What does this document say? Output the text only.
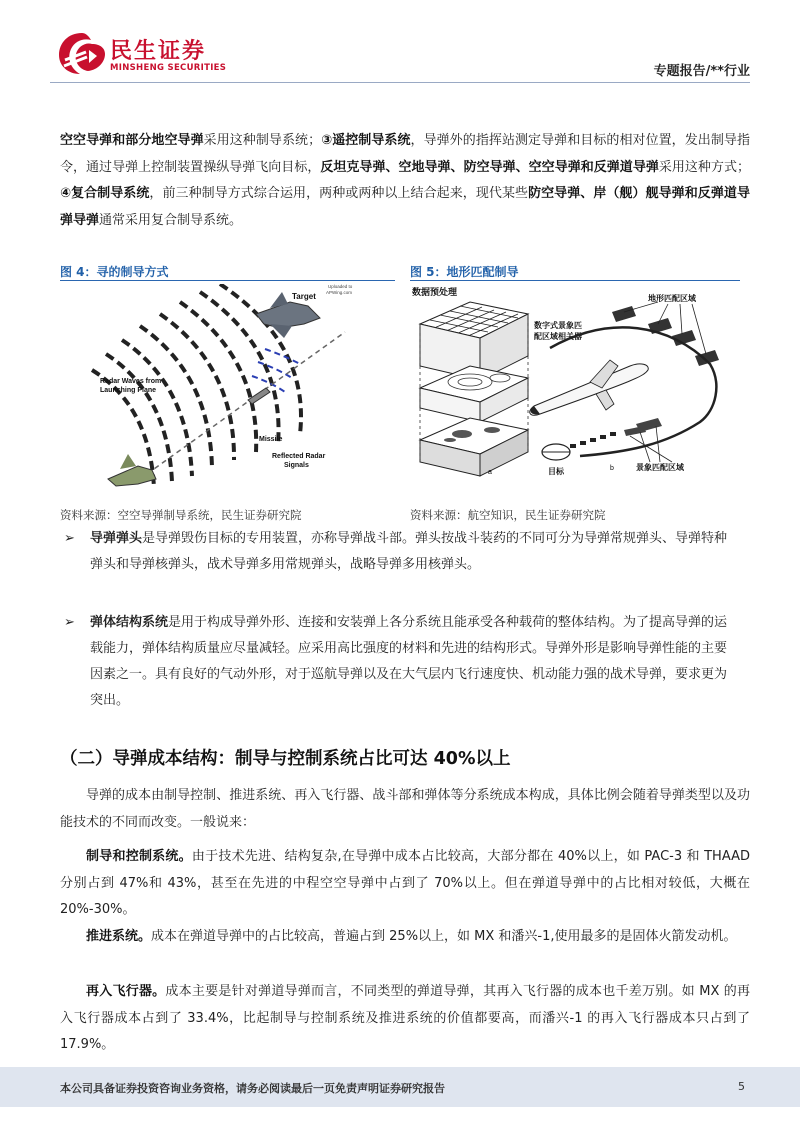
民生证券
MINSHENG SECURITIES	专题报告/**行业
空空导弹和部分地空导弹采用这种制导系统；③遥控制导系统，导弹外的指挥站测定导弹和目标的相对位置，发出制导指令，通过导弹上控制装置操纵导弹飞向目标，反坦克导弹、空地导弹、防空导弹、空空导弹和反弹道导弹采用这种方式；④复合制导系统，前三种制导方式综合运用，两种或两种以上结合起来，现代某些防空导弹、岸（舰）舰导弹和反弹道导弹导弹通常采用复合制导系统。
图 4：寻的制导方式
Target
Uploaded to
APWing.com
Radar Waves from
Launching Plane
Missile
Reflected Radar
Signals
资料来源：空空导弹制导系统，民生证券研究院
图 5：地形匹配制导
数据预处理
a
数字式景象匹
配区域相关器
地形匹配区域
目标	b	景象匹配区域
资料来源：航空知识，民生证券研究院
➢ 导弹弹头是导弹毁伤目标的专用装置，亦称导弹战斗部。弹头按战斗装药的不同可分为导弹常规弹头、导弹特种弹头和导弹核弹头，战术导弹多用常规弹头，战略导弹多用核弹头。
➢ 弹体结构系统是用于构成导弹外形、连接和安装弹上各分系统且能承受各种载荷的整体结构。为了提高导弹的运载能力，弹体结构质量应尽量减轻。应采用高比强度的材料和先进的结构形式。导弹外形是影响导弹性能的主要因素之一。具有良好的气动外形，对于巡航导弹以及在大气层内飞行速度快、机动能力强的战术导弹，要求更为突出。
（二）导弹成本结构：制导与控制系统占比可达 40%以上
导弹的成本由制导控制、推进系统、再入飞行器、战斗部和弹体等分系统成本构成，具体比例会随着导弹类型以及功能技术的不同而改变。一般说来：
制导和控制系统。由于技术先进、结构复杂,在导弹中成本占比较高，大部分都在 40%以上，如 PAC-3 和 THAAD 分别占到 47%和 43%，甚至在先进的中程空空导弹中占到了 70%以上。但在弹道导弹中的占比相对较低，大概在 20%-30%。
推进系统。成本在弹道导弹中的占比较高，普遍占到 25%以上，如 MX 和潘兴-1,使用最多的是固体火箭发动机。
再入飞行器。成本主要是针对弹道导弹而言，不同类型的弹道导弹，其再入飞行器的成本也千差万别。如 MX 的再入飞行器成本占到了 33.4%，比起制导与控制系统及推进系统的价值都要高，而潘兴-1 的再入飞行器成本只占到了 17.9%。
本公司具备证券投资咨询业务资格，请务必阅读最后一页免责声明证券研究报告	5
